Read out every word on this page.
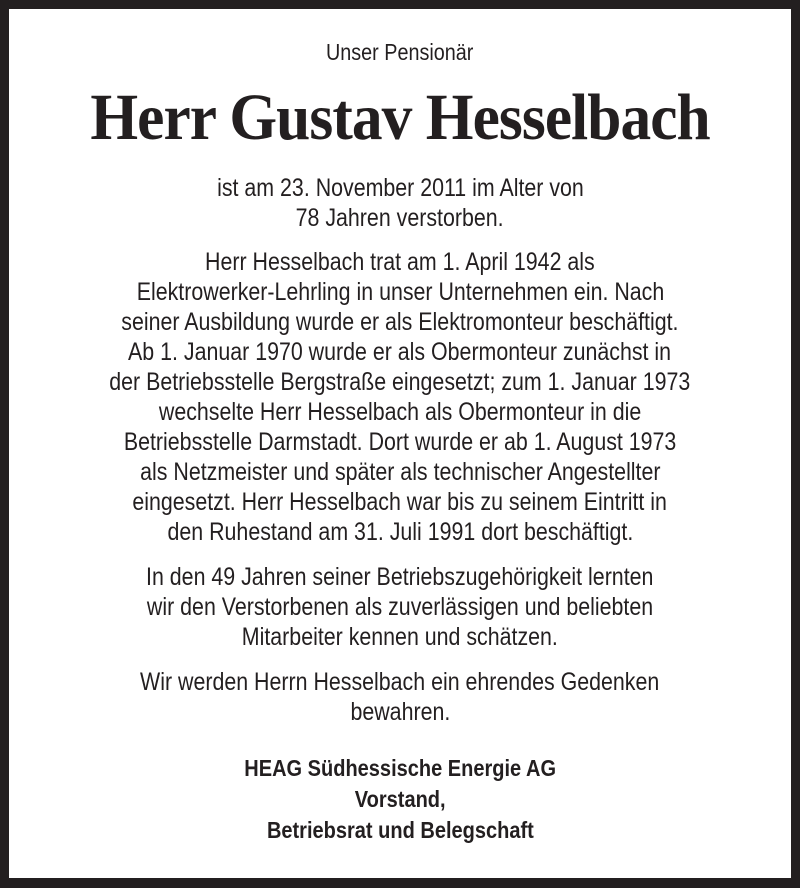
Unser Pensionär
Herr Gustav Hesselbach
ist am 23. November 2011 im Alter von
78 Jahren verstorben.
Herr Hesselbach trat am 1. April 1942 als
Elektrowerker-Lehrling in unser Unternehmen ein. Nach
seiner Ausbildung wurde er als Elektromonteur beschäftigt.
Ab 1. Januar 1970 wurde er als Obermonteur zunächst in
der Betriebsstelle Bergstraße eingesetzt; zum 1. Januar 1973
wechselte Herr Hesselbach als Obermonteur in die
Betriebsstelle Darmstadt. Dort wurde er ab 1. August 1973
als Netzmeister und später als technischer Angestellter
eingesetzt. Herr Hesselbach war bis zu seinem Eintritt in
den Ruhestand am 31. Juli 1991 dort beschäftigt.
In den 49 Jahren seiner Betriebszugehörigkeit lernten
wir den Verstorbenen als zuverlässigen und beliebten
Mitarbeiter kennen und schätzen.
Wir werden Herrn Hesselbach ein ehrendes Gedenken
bewahren.
HEAG Südhessische Energie AG
Vorstand,
Betriebsrat und Belegschaft
